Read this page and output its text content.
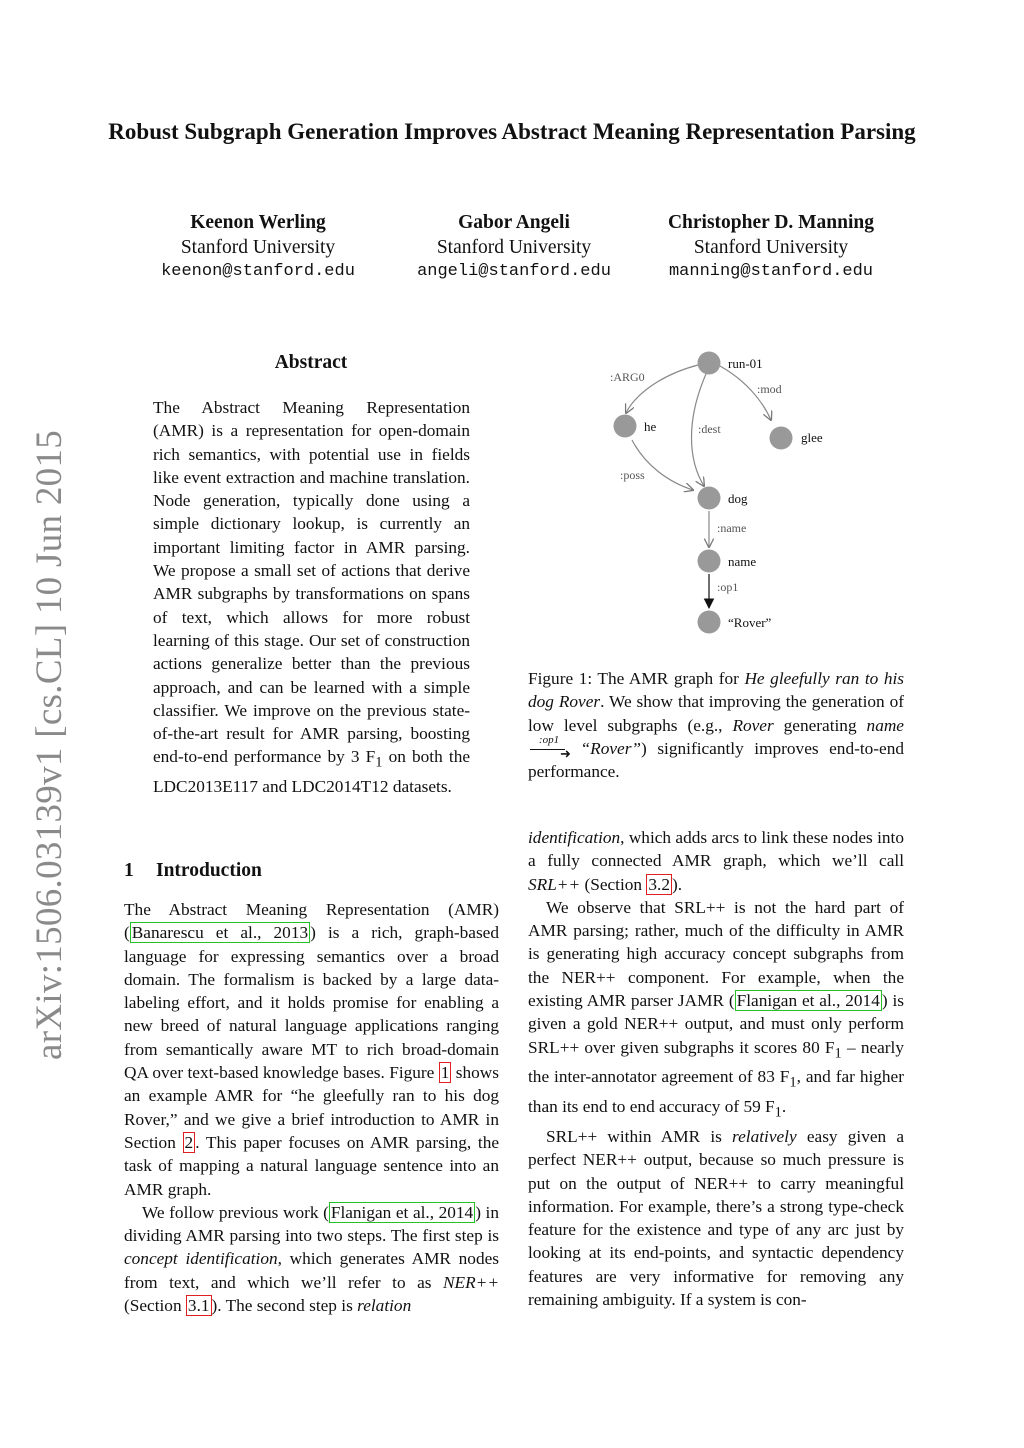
arXiv:1506.03139v1 [cs.CL] 10 Jun 2015
Robust Subgraph Generation Improves Abstract Meaning Representation Parsing
Keenon Werling
Stanford University
keenon@stanford.edu
Gabor Angeli
Stanford University
angeli@stanford.edu
Christopher D. Manning
Stanford University
manning@stanford.edu
Abstract
The Abstract Meaning Representation (AMR) is a representation for open-domain rich semantics, with potential use in fields like event extraction and machine translation. Node generation, typically done using a simple dictionary lookup, is currently an important limiting factor in AMR parsing. We propose a small set of actions that derive AMR subgraphs by transformations on spans of text, which allows for more robust learning of this stage. Our set of construction actions generalize better than the previous approach, and can be learned with a simple classifier. We improve on the previous state-of-the-art result for AMR parsing, boosting end-to-end performance by 3 $F_1$ on both the LDC2013E117 and LDC2014T12 datasets.
1 Introduction

The Abstract Meaning Representation (AMR) ( Banarescu et al., 2013 ) is a rich, graph-based language for expressing semantics over a broad domain. The formalism is backed by a large data-labeling effort, and it holds promise for enabling a new breed of natural language applications ranging from semantically aware MT to rich broad-domain QA over text-based knowledge bases. Figure 1 shows an example AMR for “he gleefully ran to his dog Rover,” and we give a brief introduction to AMR in Section 2 . This paper focuses on AMR parsing, the task of mapping a natural language sentence into an AMR graph.

We follow previous work ( Flanigan et al., 2014 ) in dividing AMR parsing into two steps. The first step is concept identification, which generates AMR nodes from text, and which we’ll refer to as NER++ (Section 3.1 ). The second step is relation

run-01
he
glee
dog
name
“Rover”
:ARG0
:mod
:dest
:poss
:name
:op1
Figure 1: The AMR graph for He gleefully ran to his dog Rover. We show that improving the generation of low level subgraphs (e.g., Rover generating name
:op1
➜ “Rover”) significantly improves end-to-end performance.

identification, which adds arcs to link these nodes into a fully connected AMR graph, which we’ll call SRL++ (Section 3.2 ).

We observe that SRL++ is not the hard part of AMR parsing; rather, much of the difficulty in AMR is generating high accuracy concept subgraphs from the NER++ component. For example, when the existing AMR parser JAMR ( Flanigan et al., 2014 ) is given a gold NER++ output, and must only perform SRL++ over given subgraphs it scores 80 $F_1$ – nearly the inter-annotator agreement of 83 $F_1$, and far higher than its end to end accuracy of 59 $F_1$.

SRL++ within AMR is relatively easy given a perfect NER++ output, because so much pressure is put on the output of NER++ to carry meaningful information. For example, there’s a strong type-check feature for the existence and type of any arc just by looking at its end-points, and syntactic dependency features are very informative for removing any remaining ambiguity. If a system is con-
